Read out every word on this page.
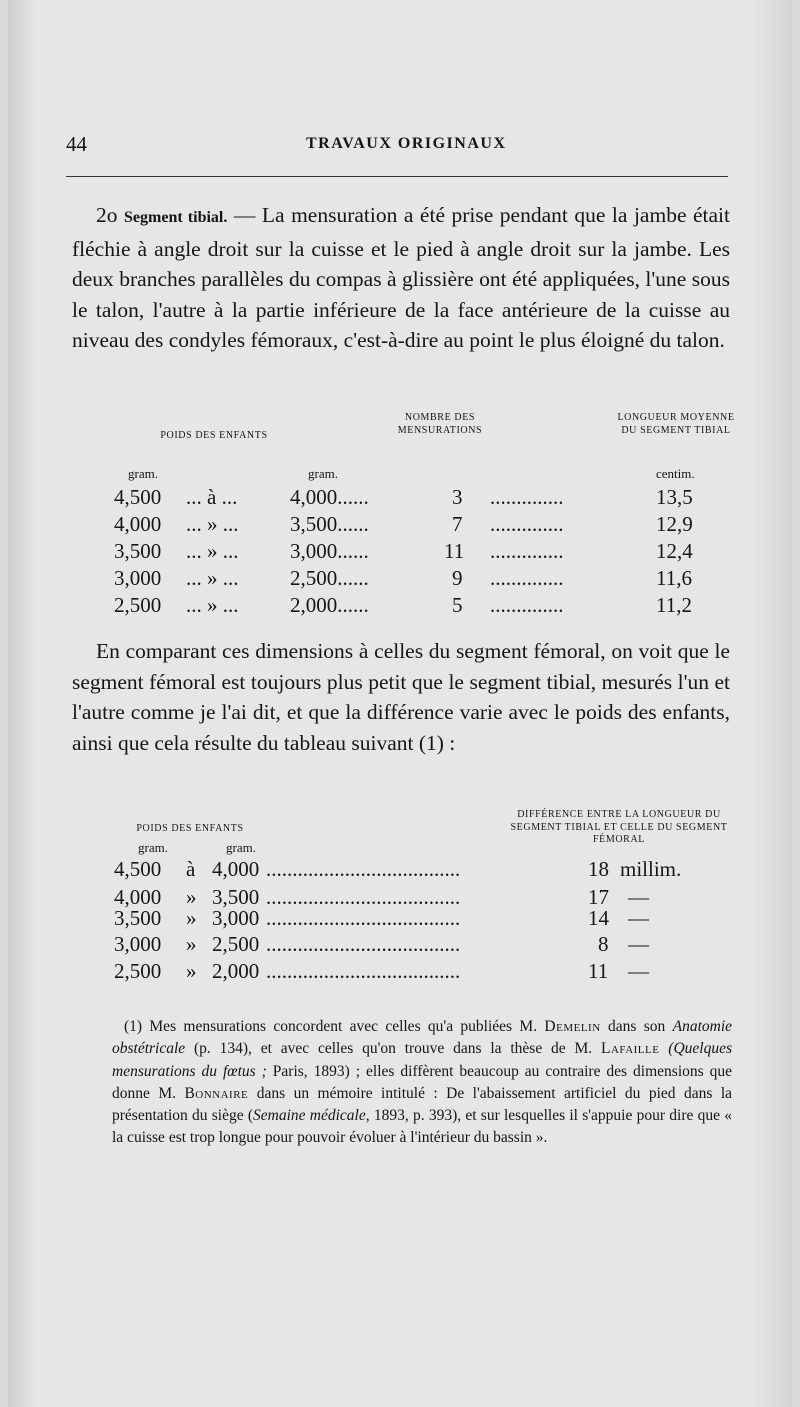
44	TRAVAUX ORIGINAUX
2o Segment tibial. — La mensuration a été prise pendant que la jambe était fléchie à angle droit sur la cuisse et le pied à angle droit sur la jambe. Les deux branches parallèles du compas à glissière ont été appliquées, l'une sous le talon, l'autre à la partie inférieure de la face antérieure de la cuisse au niveau des condyles fémoraux, c'est-à-dire au point le plus éloigné du talon.
POIDS DES ENFANTS
NOMBRE DES MENSURATIONS
LONGUEUR MOYENNE DU SEGMENT TIBIAL
gram.	gram.	centim.
4,500 ... à ...	4,000......	3 ..............	13,5
4,000 ... » ... 3,500......	7 ..............	12,9
3,500 ... » ... 3,000......	11 ..............	12,4
3,000 ... » ... 2,500......	9 ..............	11,6
2,500 ... » ... 2,000......	5 ..............	11,2
En comparant ces dimensions à celles du segment fémoral, on voit que le segment fémoral est toujours plus petit que le segment tibial, mesurés l'un et l'autre comme je l'ai dit, et que la différence varie avec le poids des enfants, ainsi que cela résulte du tableau suivant (1) :
POIDS DES ENFANTS
DIFFÉRENCE ENTRE LA LONGUEUR DU SEGMENT TIBIAL ET CELLE DU SEGMENT FÉMORAL
gram.	gram.
4,500 à 4,000 .....................................	18 millim.
4,000 » 3,500 .....................................	17 —
3,500 » 3,000 .....................................	14 —
3,000 » 2,500 .....................................	8 —
2,500 » 2,000 .....................................	11 —
(1) Mes mensurations concordent avec celles qu'a publiées M. Demelin dans son Anatomie obstétricale (p. 134), et avec celles qu'on trouve dans la thèse de M. Lafaille (Quelques mensurations du fœtus ; Paris, 1893) ; elles diffèrent beaucoup au contraire des dimensions que donne M. Bonnaire dans un mémoire intitulé : De l'abaissement artificiel du pied dans la présentation du siège (Semaine médicale, 1893, p. 393), et sur lesquelles il s'appuie pour dire que « la cuisse est trop longue pour pouvoir évoluer à l'intérieur du bassin ».
